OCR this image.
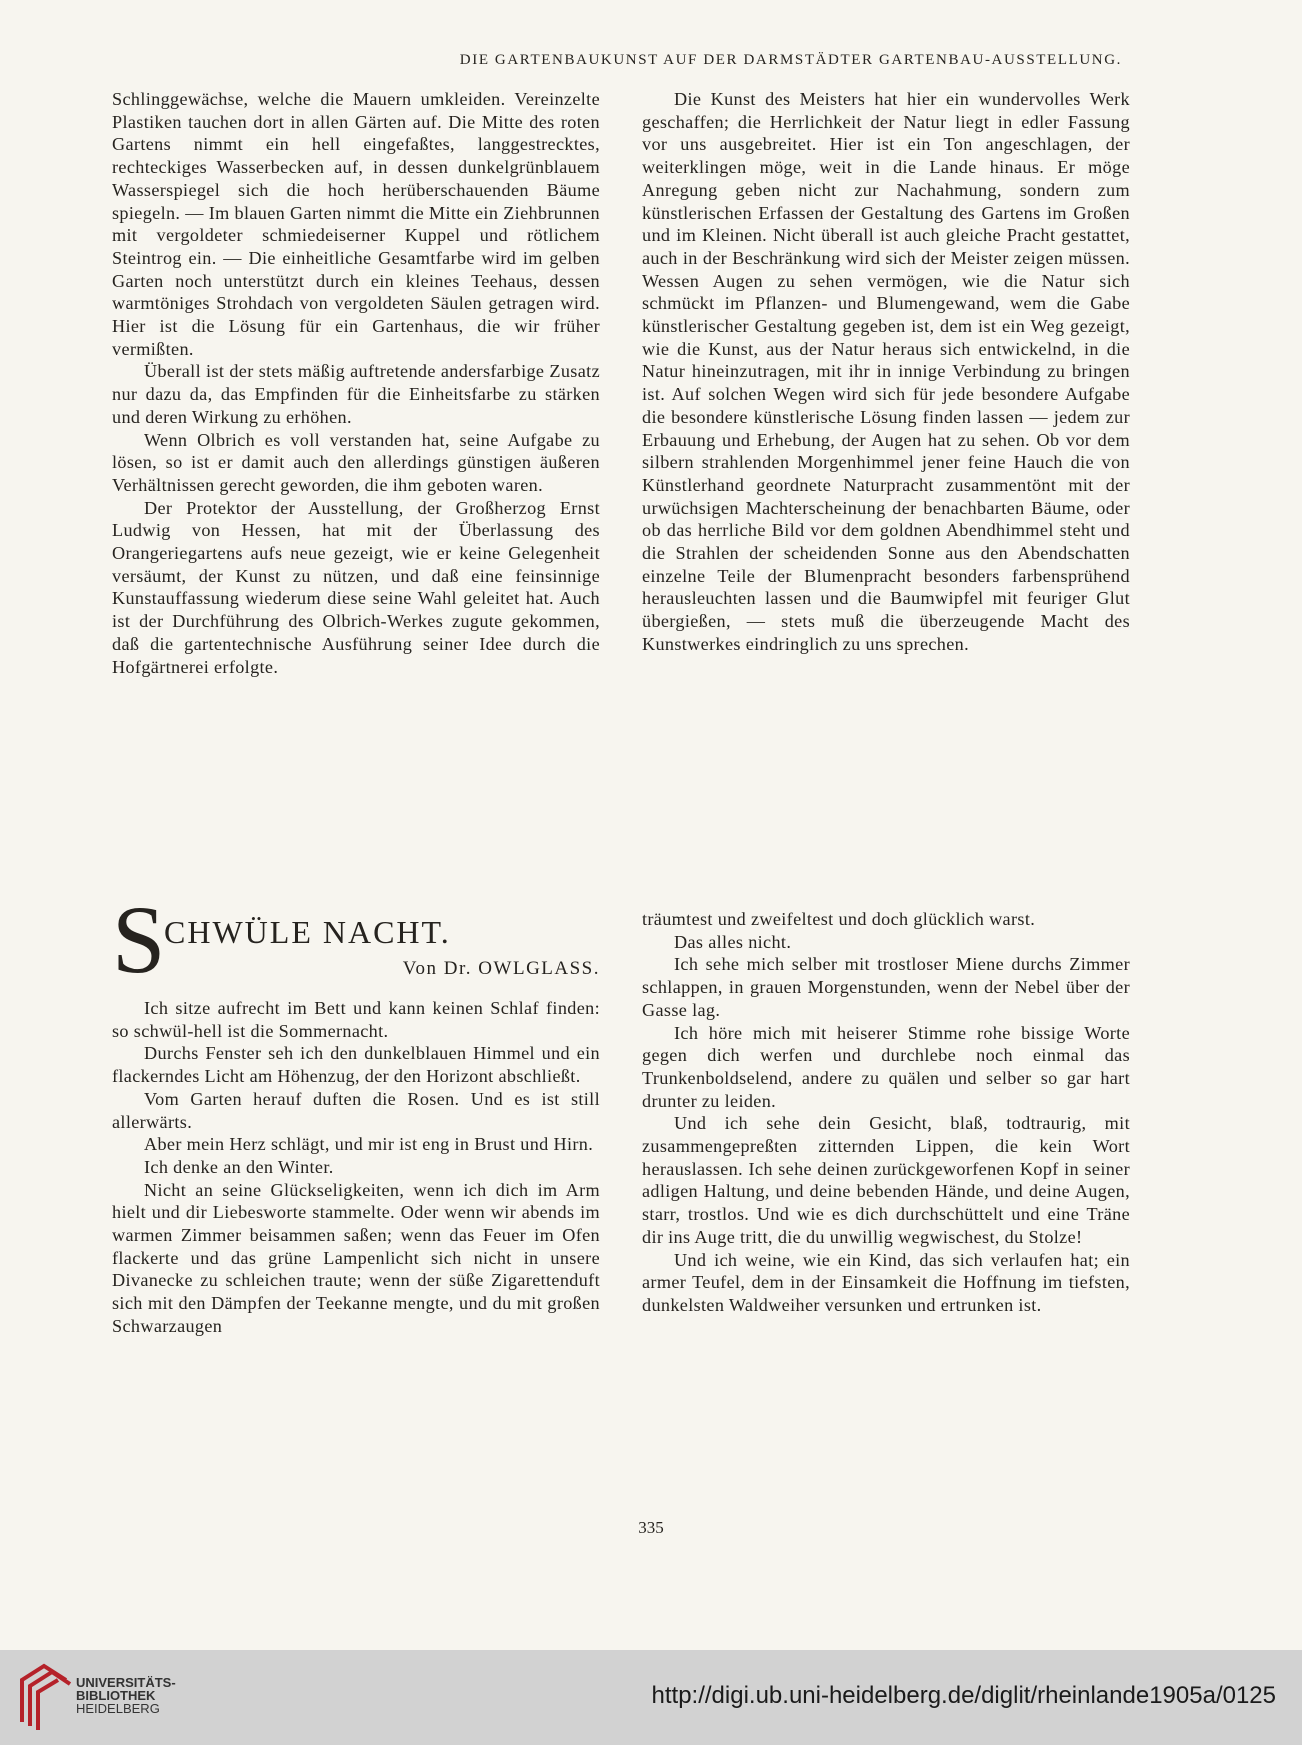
DIE GARTENBAUKUNST AUF DER DARMSTÄDTER GARTENBAU-AUSSTELLUNG.

Schlinggewächse, welche die Mauern umkleiden. Vereinzelte Plastiken tauchen dort in allen Gärten auf. Die Mitte des roten Gartens nimmt ein hell eingefaßtes, langgestrecktes, rechteckiges Wasserbecken auf, in dessen dunkelgrünblauem Wasserspiegel sich die hoch herüberschauenden Bäume spiegeln. — Im blauen Garten nimmt die Mitte ein Ziehbrunnen mit vergoldeter schmiedeiserner Kuppel und rötlichem Steintrog ein. — Die einheitliche Gesamtfarbe wird im gelben Garten noch unterstützt durch ein kleines Teehaus, dessen warmtöniges Strohdach von vergoldeten Säulen getragen wird. Hier ist die Lösung für ein Gartenhaus, die wir früher vermißten.

Überall ist der stets mäßig auftretende andersfarbige Zusatz nur dazu da, das Empfinden für die Einheitsfarbe zu stärken und deren Wirkung zu erhöhen.

Wenn Olbrich es voll verstanden hat, seine Aufgabe zu lösen, so ist er damit auch den allerdings günstigen äußeren Verhältnissen gerecht geworden, die ihm geboten waren.

Der Protektor der Ausstellung, der Großherzog Ernst Ludwig von Hessen, hat mit der Überlassung des Orangeriegartens aufs neue gezeigt, wie er keine Gelegenheit versäumt, der Kunst zu nützen, und daß eine feinsinnige Kunstauffassung wiederum diese seine Wahl geleitet hat. Auch ist der Durchführung des Olbrich-Werkes zugute gekommen, daß die gartentechnische Ausführung seiner Idee durch die Hofgärtnerei erfolgte.

Die Kunst des Meisters hat hier ein wundervolles Werk geschaffen; die Herrlichkeit der Natur liegt in edler Fassung vor uns ausgebreitet. Hier ist ein Ton angeschlagen, der weiterklingen möge, weit in die Lande hinaus. Er möge Anregung geben nicht zur Nachahmung, sondern zum künstlerischen Erfassen der Gestaltung des Gartens im Großen und im Kleinen. Nicht überall ist auch gleiche Pracht gestattet, auch in der Beschränkung wird sich der Meister zeigen müssen. Wessen Augen zu sehen vermögen, wie die Natur sich schmückt im Pflanzen- und Blumengewand, wem die Gabe künstlerischer Gestaltung gegeben ist, dem ist ein Weg gezeigt, wie die Kunst, aus der Natur heraus sich entwickelnd, in die Natur hineinzutragen, mit ihr in innige Verbindung zu bringen ist. Auf solchen Wegen wird sich für jede besondere Aufgabe die besondere künstlerische Lösung finden lassen — jedem zur Erbauung und Erhebung, der Augen hat zu sehen. Ob vor dem silbern strahlenden Morgenhimmel jener feine Hauch die von Künstlerhand geordnete Naturpracht zusammentönt mit der urwüchsigen Machterscheinung der benachbarten Bäume, oder ob das herrliche Bild vor dem goldnen Abendhimmel steht und die Strahlen der scheidenden Sonne aus den Abendschatten einzelne Teile der Blumenpracht besonders farbensprühend herausleuchten lassen und die Baumwipfel mit feuriger Glut übergießen, — stets muß die überzeugende Macht des Kunstwerkes eindringlich zu uns sprechen.

S
CHWÜLE NACHT.
Von Dr. OWLGLASS.

Ich sitze aufrecht im Bett und kann keinen Schlaf finden: so schwül-hell ist die Sommernacht.

Durchs Fenster seh ich den dunkelblauen Himmel und ein flackerndes Licht am Höhenzug, der den Horizont abschließt.

Vom Garten herauf duften die Rosen. Und es ist still allerwärts.

Aber mein Herz schlägt, und mir ist eng in Brust und Hirn.

Ich denke an den Winter.

Nicht an seine Glückseligkeiten, wenn ich dich im Arm hielt und dir Liebesworte stammelte. Oder wenn wir abends im warmen Zimmer beisammen saßen; wenn das Feuer im Ofen flackerte und das grüne Lampenlicht sich nicht in unsere Divanecke zu schleichen traute; wenn der süße Zigarettenduft sich mit den Dämpfen der Teekanne mengte, und du mit großen Schwarzaugen

träumtest und zweifeltest und doch glücklich warst.

Das alles nicht.

Ich sehe mich selber mit trostloser Miene durchs Zimmer schlappen, in grauen Morgenstunden, wenn der Nebel über der Gasse lag.

Ich höre mich mit heiserer Stimme rohe bissige Worte gegen dich werfen und durchlebe noch einmal das Trunkenboldselend, andere zu quälen und selber so gar hart drunter zu leiden.

Und ich sehe dein Gesicht, blaß, todtraurig, mit zusammengepreßten zitternden Lippen, die kein Wort herauslassen. Ich sehe deinen zurückgeworfenen Kopf in seiner adligen Haltung, und deine bebenden Hände, und deine Augen, starr, trostlos. Und wie es dich durchschüttelt und eine Träne dir ins Auge tritt, die du unwillig wegwischest, du Stolze!

Und ich weine, wie ein Kind, das sich verlaufen hat; ein armer Teufel, dem in der Einsamkeit die Hoffnung im tiefsten, dunkelsten Waldweiher versunken und ertrunken ist.

335
UNIVERSITÄTS-
BIBLIOTHEK
HEIDELBERG	http://digi.ub.uni-heidelberg.de/diglit/rheinlande1905a/0125
